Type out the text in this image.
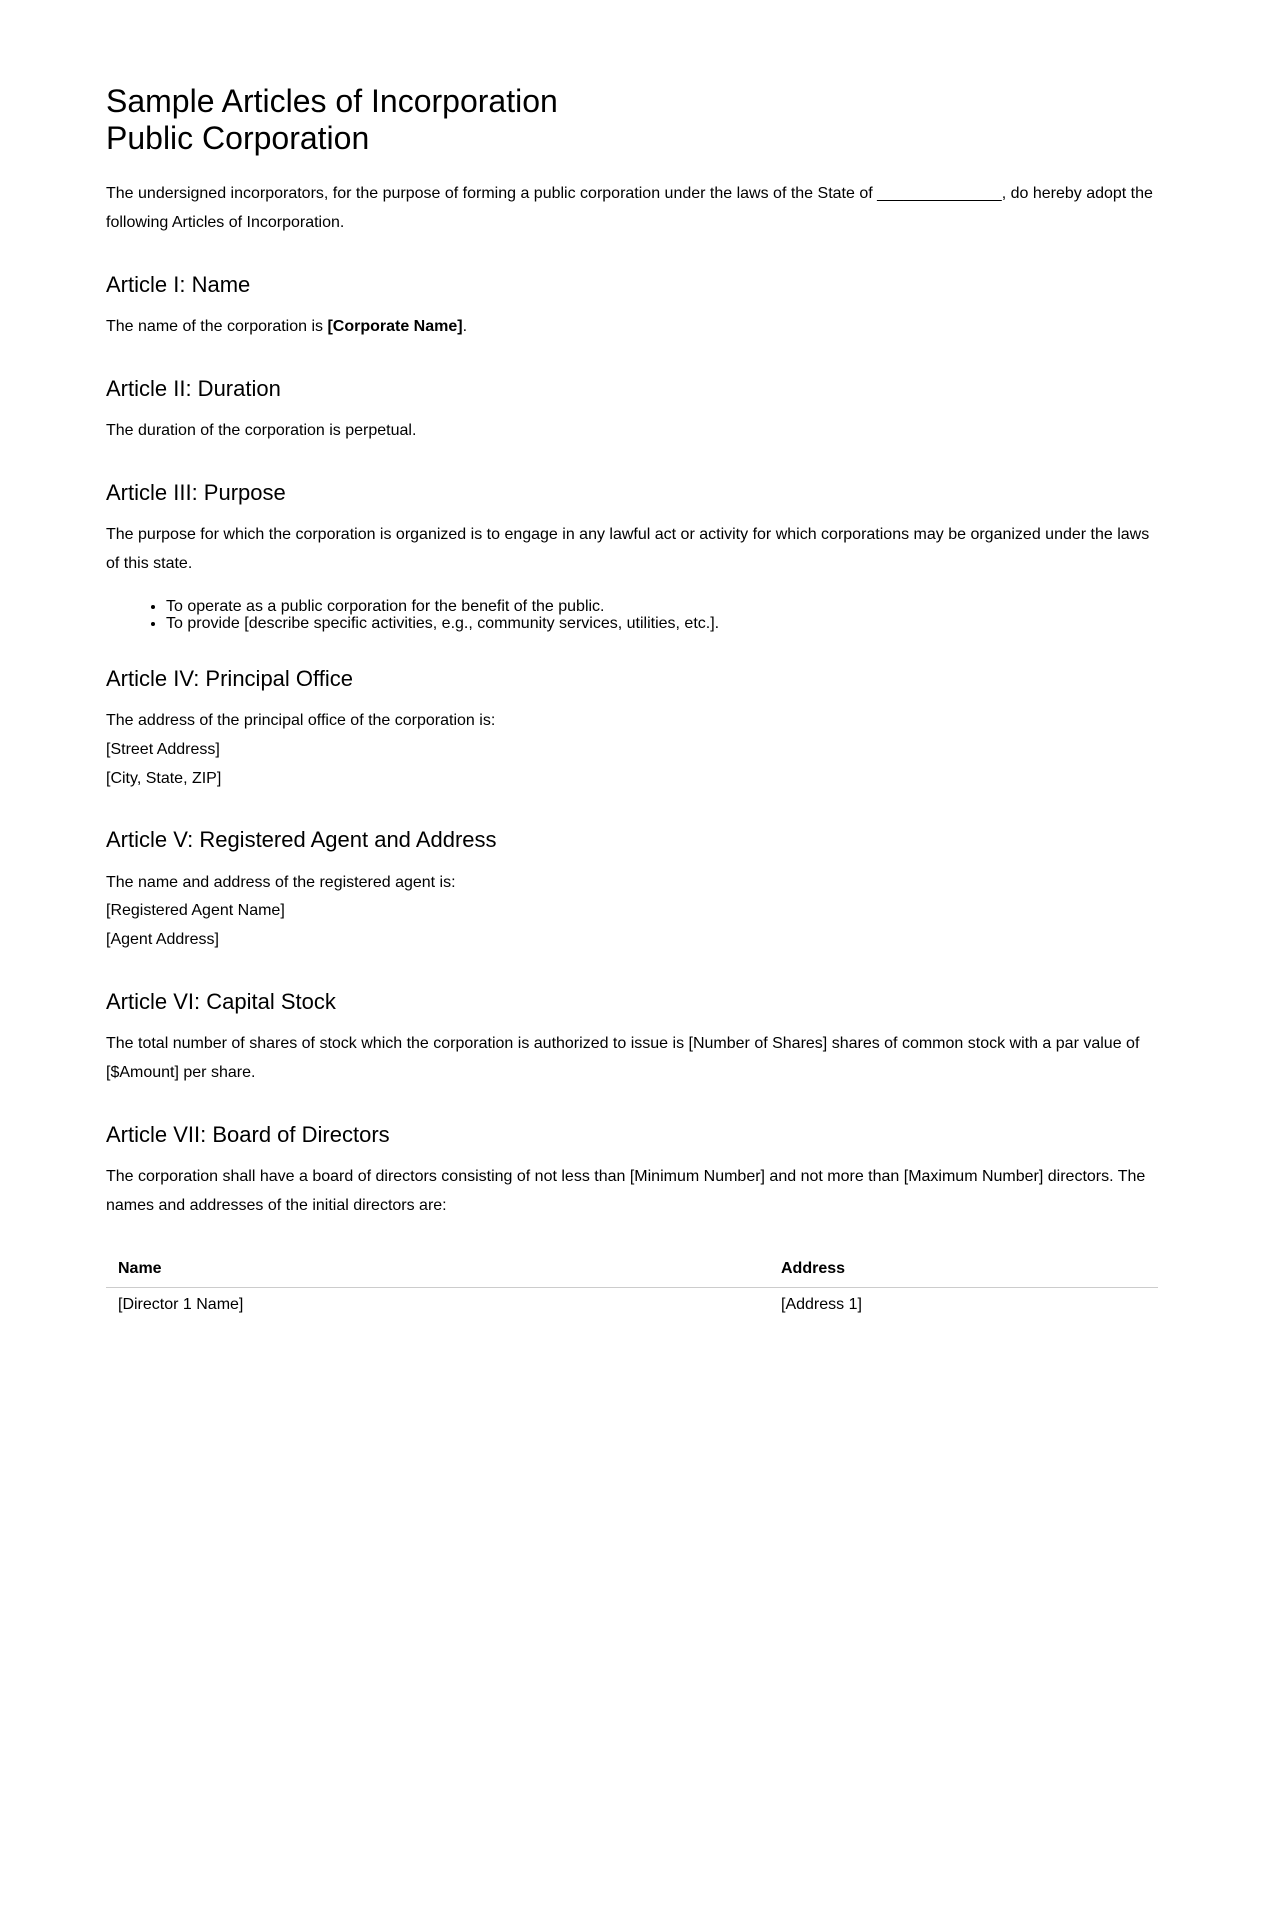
Sample Articles of Incorporation
Public Corporation

The undersigned incorporators, for the purpose of forming a public corporation under the laws of the State of ______________, do hereby adopt the following Articles of Incorporation.

Article I: Name

The name of the corporation is [Corporate Name].

Article II: Duration

The duration of the corporation is perpetual.

Article III: Purpose

The purpose for which the corporation is organized is to engage in any lawful act or activity for which corporations may be organized under the laws of this state.

• To operate as a public corporation for the benefit of the public.
• To provide [describe specific activities, e.g., community services, utilities, etc.].
Article IV: Principal Office

The address of the principal office of the corporation is:
[Street Address]
[City, State, ZIP]

Article V: Registered Agent and Address

The name and address of the registered agent is:
[Registered Agent Name]
[Agent Address]

Article VI: Capital Stock

The total number of shares of stock which the corporation is authorized to issue is [Number of Shares] shares of common stock with a par value of [$Amount] per share.

Article VII: Board of Directors

The corporation shall have a board of directors consisting of not less than [Minimum Number] and not more than [Maximum Number] directors. The names and addresses of the initial directors are:

Name	Address
[Director 1 Name]	[Address 1]
